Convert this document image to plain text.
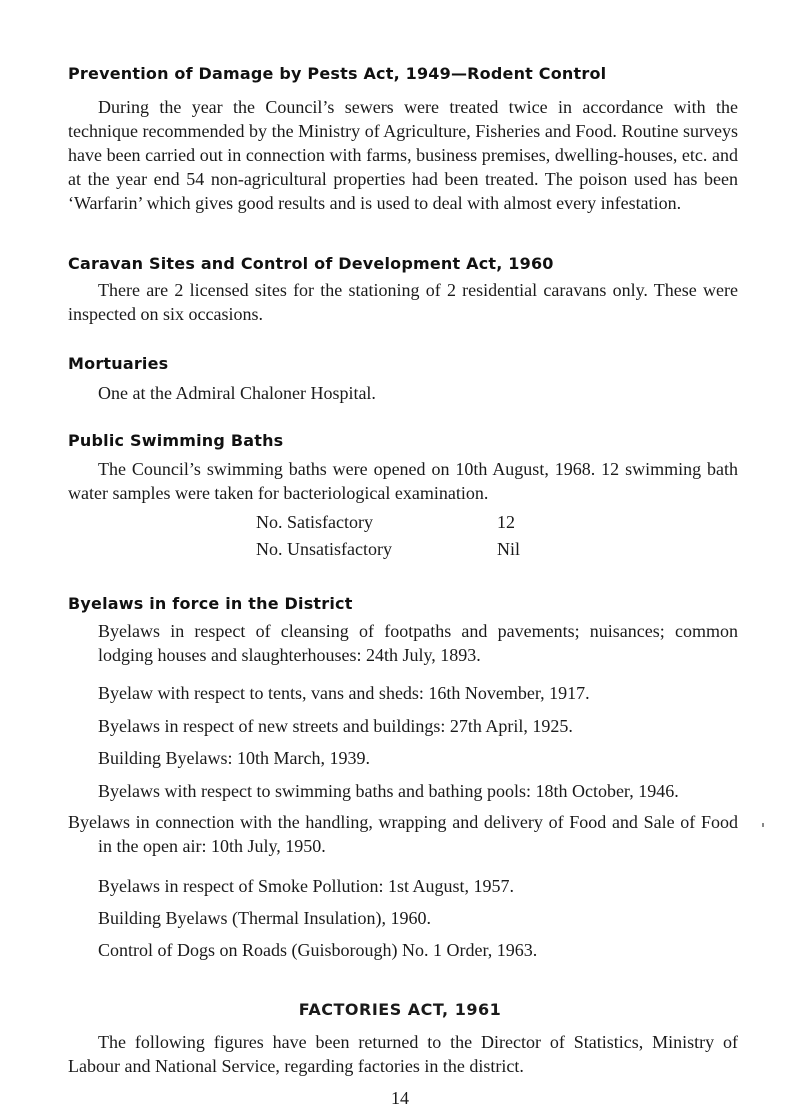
Prevention of Damage by Pests Act, 1949—Rodent Control
During the year the Council’s sewers were treated twice in accordance with the technique recommended by the Ministry of Agriculture, Fisheries and Food. Routine surveys have been carried out in connection with farms, business premises, dwelling-houses, etc. and at the year end 54 non-agricultural properties had been treated. The poison used has been ‘Warfarin’ which gives good results and is used to deal with almost every infestation.
Caravan Sites and Control of Development Act, 1960
There are 2 licensed sites for the stationing of 2 residential caravans only. These were inspected on six occasions.
Mortuaries
One at the Admiral Chaloner Hospital.
Public Swimming Baths
The Council’s swimming baths were opened on 10th August, 1968. 12 swimming bath water samples were taken for bacteriological examination.
No. Satisfactory	12
No. Unsatisfactory	Nil
Byelaws in force in the District
Byelaws in respect of cleansing of footpaths and pavements; nuisances; common lodging houses and slaughterhouses: 24th July, 1893.
Byelaw with respect to tents, vans and sheds: 16th November, 1917.
Byelaws in respect of new streets and buildings: 27th April, 1925.
Building Byelaws: 10th March, 1939.
Byelaws with respect to swimming baths and bathing pools: 18th October, 1946.
Byelaws in connection with the handling, wrapping and delivery of Food and Sale of Food in the open air: 10th July, 1950.
Byelaws in respect of Smoke Pollution: 1st August, 1957.
Building Byelaws (Thermal Insulation), 1960.
Control of Dogs on Roads (Guisborough) No. 1 Order, 1963.
FACTORIES ACT, 1961
The following figures have been returned to the Director of Statistics, Ministry of Labour and National Service, regarding factories in the district.
14
